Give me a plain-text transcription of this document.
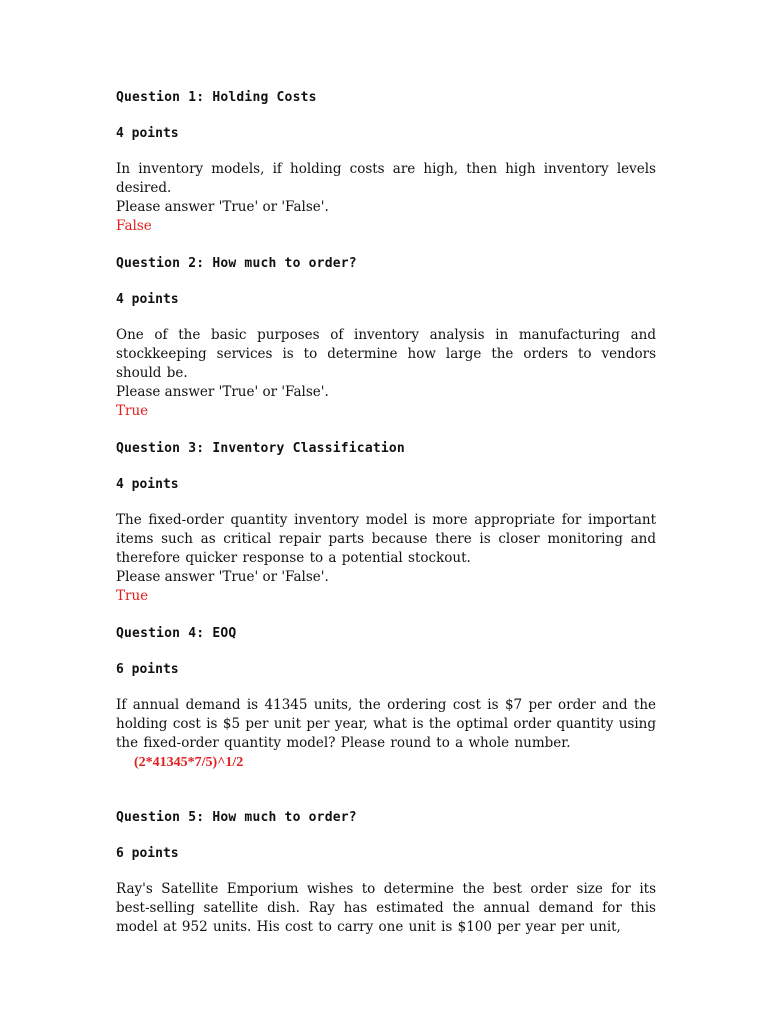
Question 1: Holding Costs
4 points
In inventory models, if holding costs are high, then high inventory levels desired.
Please answer 'True' or 'False'.
False
Question 2: How much to order?
4 points
One of the basic purposes of inventory analysis in manufacturing and stockkeeping services is to determine how large the orders to vendors should be.
Please answer 'True' or 'False'.
True
Question 3: Inventory Classification
4 points
The fixed-order quantity inventory model is more appropriate for important items such as critical repair parts because there is closer monitoring and therefore quicker response to a potential stockout.
Please answer 'True' or 'False'.
True
Question 4: EOQ
6 points
If annual demand is 41345 units, the ordering cost is $7 per order and the holding cost is $5 per unit per year, what is the optimal order quantity using the fixed-order quantity model? Please round to a whole number.
(2*41345*7/5)^1/2
Question 5: How much to order?
6 points
Ray's Satellite Emporium wishes to determine the best order size for its best-selling satellite dish. Ray has estimated the annual demand for this model at 952 units. His cost to carry one unit is $100 per year per unit,
